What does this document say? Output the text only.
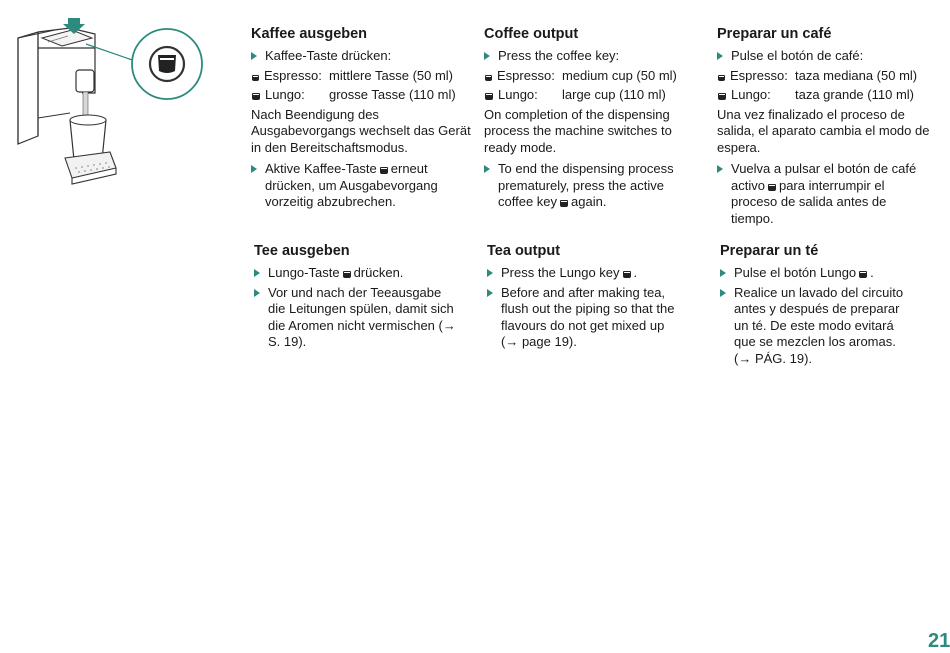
Kaffee ausgeben
Kaffee-Taste drücken:
Espresso: mittlere Tasse (50 ml)
Lungo:	grosse Tasse (110 ml)
Nach Beendigung des Ausgabevorgangs wechselt das Gerät in den Bereitschaftsmodus.
Aktive Kaffee-Taste erneut drücken, um Ausgabevorgang vorzeitig abzubrechen.
Coffee output
Press the coffee key:
Espresso: medium cup (50 ml)
Lungo:	large cup (110 ml)
On completion of the dispensing process the machine switches to ready mode.
To end the dispensing process prematurely, press the active coffee key again.
Preparar un café
Pulse el botón de café:
Espresso: taza mediana (50 ml)
Lungo:	taza grande (110 ml)
Una vez finalizado el proceso de salida, el aparato cambia el modo de espera.
Vuelva a pulsar el botón de café activo para interrumpir el proceso de salida antes de tiempo.
Tee ausgeben
Lungo-Taste drücken.
Vor und nach der Teeausgabe die Leitungen spülen, damit sich die Aromen nicht vermischen (→ S. 19).
Tea output
Press the Lungo key .
Before and after making tea, flush out the piping so that the flavours do not get mixed up (→ page 19).
Preparar un té
Pulse el botón Lungo .
Realice un lavado del circuito antes y después de preparar un té. De este modo evitará que se mezclen los aromas. (→ PÁG. 19).
21
